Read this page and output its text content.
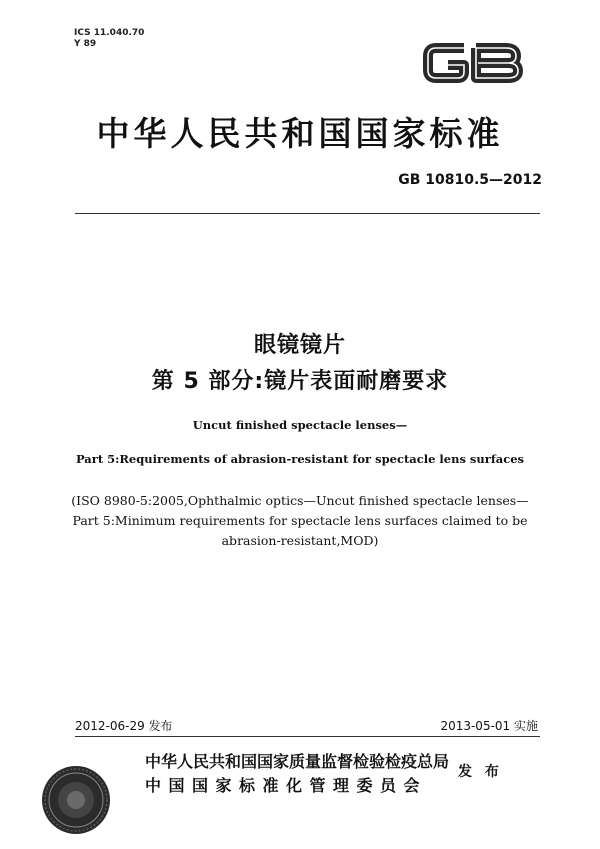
ICS 11.040.70
Y 89
中华人民共和国国家标准
GB 10810.5—2012
眼镜镜片
第 5 部分:镜片表面耐磨要求
Uncut finished spectacle lenses—
Part 5:Requirements of abrasion-resistant for spectacle lens surfaces
(ISO 8980-5:2005,Ophthalmic optics—Uncut finished spectacle lenses—
Part 5:Minimum requirements for spectacle lens surfaces claimed to be
abrasion-resistant,MOD)
2012-06-29 发布	2013-05-01 实施
中华人民共和国国家质量监督检验检疫总局
中国国家标准化管理委员会
发 布
